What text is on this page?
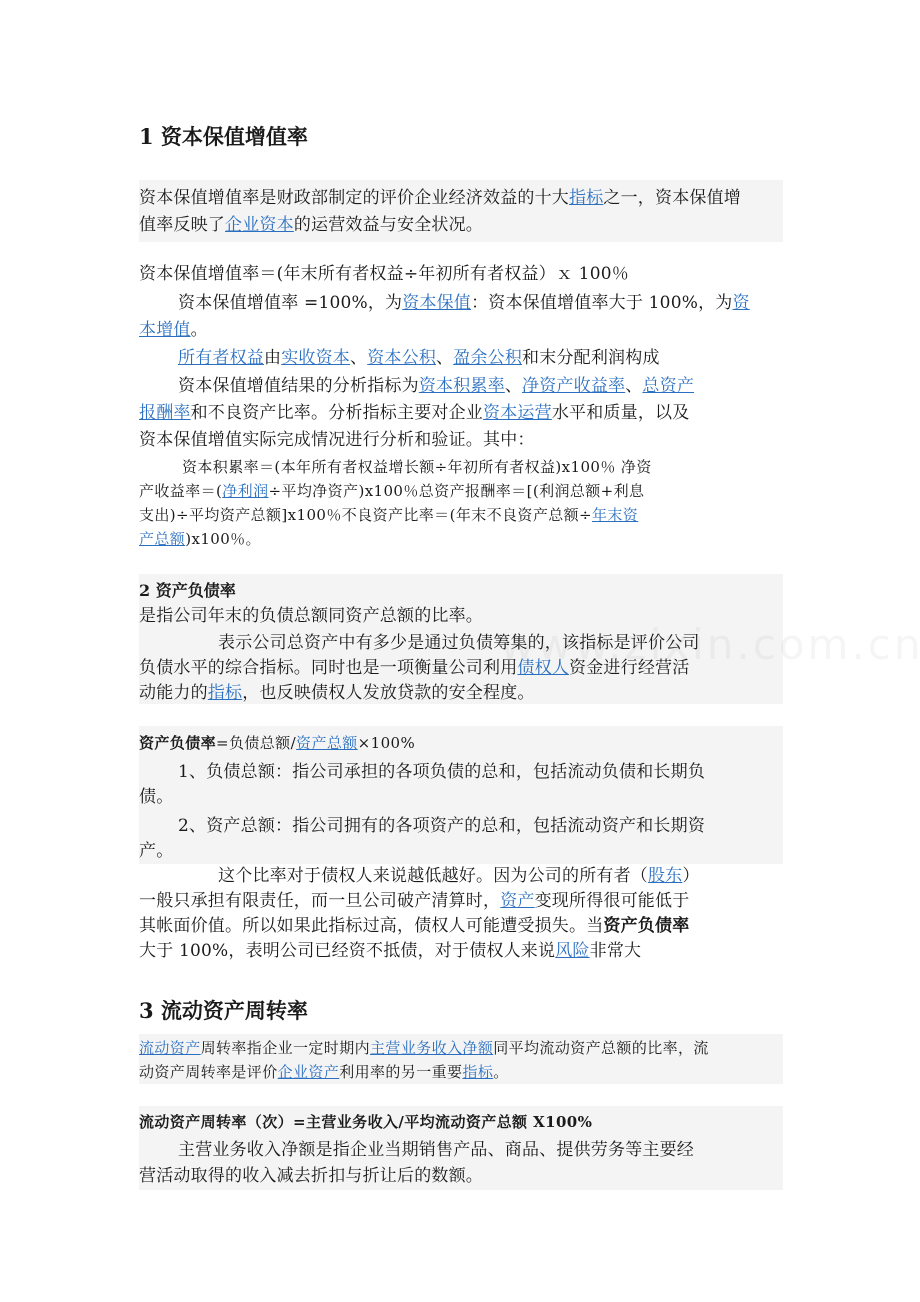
1 资本保值增值率
资本保值增值率是财政部制定的评价企业经济效益的十大指标之一，资本保值增
值率反映了企业资本的运营效益与安全状况。
资本保值增值率＝(年末所有者权益÷年初所有者权益）ｘ 100％
资本保值增值率 =100%，为资本保值：资本保值增值率大于 100%，为资
本增值。
所有者权益由实收资本、资本公积、盈余公积和末分配利润构成
资本保值增值结果的分析指标为资本积累率、净资产收益率、总资产
报酬率和不良资产比率。分析指标主要对企业资本运营水平和质量，以及
资本保值增值实际完成情况进行分析和验证。其中：
资本积累率＝(本年所有者权益增长额÷年初所有者权益)x100％ 净资
产收益率＝(净利润÷平均净资产)x100％总资产报酬率＝[(利润总额+利息
支出)÷平均资产总额]x100％不良资产比率＝(年末不良资产总额÷年末资
产总额)x100％。
2 资产负债率
是指公司年末的负债总额同资产总额的比率。
表示公司总资产中有多少是通过负债筹集的，该指标是评价公司
负债水平的综合指标。同时也是一项衡量公司利用债权人资金进行经营活
动能力的指标，也反映债权人发放贷款的安全程度。
资产负债率=负债总额/资产总额×100%
1、负债总额：指公司承担的各项负债的总和，包括流动负债和长期负
债。
2、资产总额：指公司拥有的各项资产的总和，包括流动资产和长期资
产。
这个比率对于债权人来说越低越好。因为公司的所有者（股东）
一般只承担有限责任，而一旦公司破产清算时，资产变现所得很可能低于
其帐面价值。所以如果此指标过高，债权人可能遭受损失。当资产负债率
大于 100%，表明公司已经资不抵债，对于债权人来说风险非常大
3 流动资产周转率
流动资产周转率指企业一定时期内主营业务收入净额同平均流动资产总额的比率，流
动资产周转率是评价企业资产利用率的另一重要指标。
流动资产周转率（次）=主营业务收入/平均流动资产总额 X100%
主营业务收入净额是指企业当期销售产品、商品、提供劳务等主要经
营活动取得的收入减去折扣与折让后的数额。
